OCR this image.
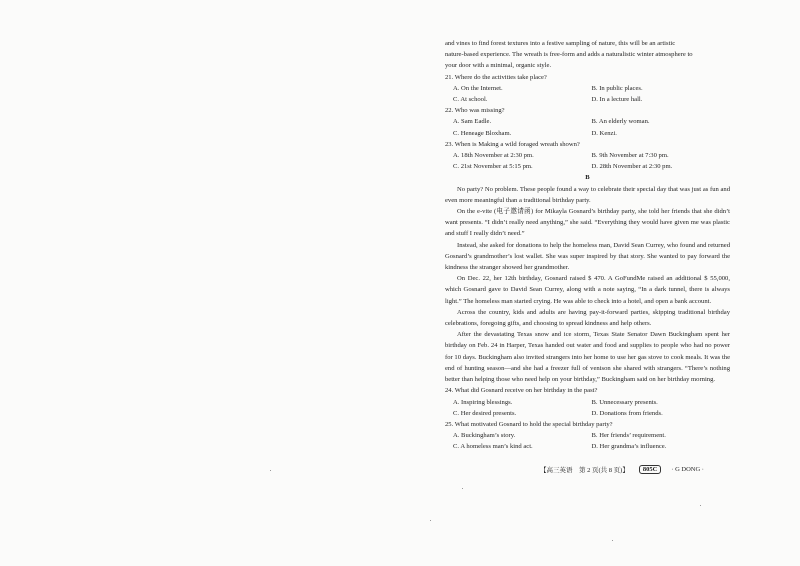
and vines to find forest textures into a festive sampling of nature, this will be an artistic
nature-based experience. The wreath is free-form and adds a naturalistic winter atmosphere to
your door with a minimal, organic style.
21. Where do the activities take place?
A. On the Internet.	B. In public places.
C. At school.	D. In a lecture hall.
22. Who was missing?
A. Sam Eadle.	B. An elderly woman.
C. Heneage Bloxham.	D. Kenzi.
23. When is Making a wild foraged wreath shown?
A. 18th November at 2:30 pm.	B. 9th November at 7:30 pm.
C. 21st November at 5:15 pm.	D. 28th November at 2:30 pm.
B
No party? No problem. These people found a way to celebrate their special day that was just as fun and even more meaningful than a traditional birthday party.
On the e-vite (电子邀请函) for Mikayla Gosnard’s birthday party, she told her friends that she didn’t want presents. “I didn’t really need anything,” she said. “Everything they would have given me was plastic and stuff I really didn’t need.”
Instead, she asked for donations to help the homeless man, David Sean Currey, who found and returned Gosnard’s grandmother’s lost wallet. She was super inspired by that story. She wanted to pay forward the kindness the stranger showed her grandmother.
On Dec. 22, her 12th birthday, Gosnard raised $ 470. A GoFundMe raised an additional $ 55,000, which Gosnard gave to David Sean Currey, along with a note saying, “In a dark tunnel, there is always light.” The homeless man started crying. He was able to check into a hotel, and open a bank account.
Across the country, kids and adults are having pay-it-forward parties, skipping traditional birthday celebrations, foregoing gifts, and choosing to spread kindness and help others.
After the devastating Texas snow and ice storm, Texas State Senator Dawn Buckingham spent her birthday on Feb. 24 in Harper, Texas handed out water and food and supplies to people who had no power for 10 days. Buckingham also invited strangers into her home to use her gas stove to cook meals. It was the end of hunting season—and she had a freezer full of venison she shared with strangers. “There’s nothing better than helping those who need help on your birthday,” Buckingham said on her birthday morning.
24. What did Gosnard receive on her birthday in the past?
A. Inspiring blessings.	B. Unnecessary presents.
C. Her desired presents.	D. Donations from friends.
25. What motivated Gosnard to hold the special birthday party?
A. Buckingham’s story.	B. Her friends’ requirement.
C. A homeless man’s kind act.	D. Her grandma’s influence.
【高三英语　第 2 页(共 8 页)】	805C	· G DONG ·
